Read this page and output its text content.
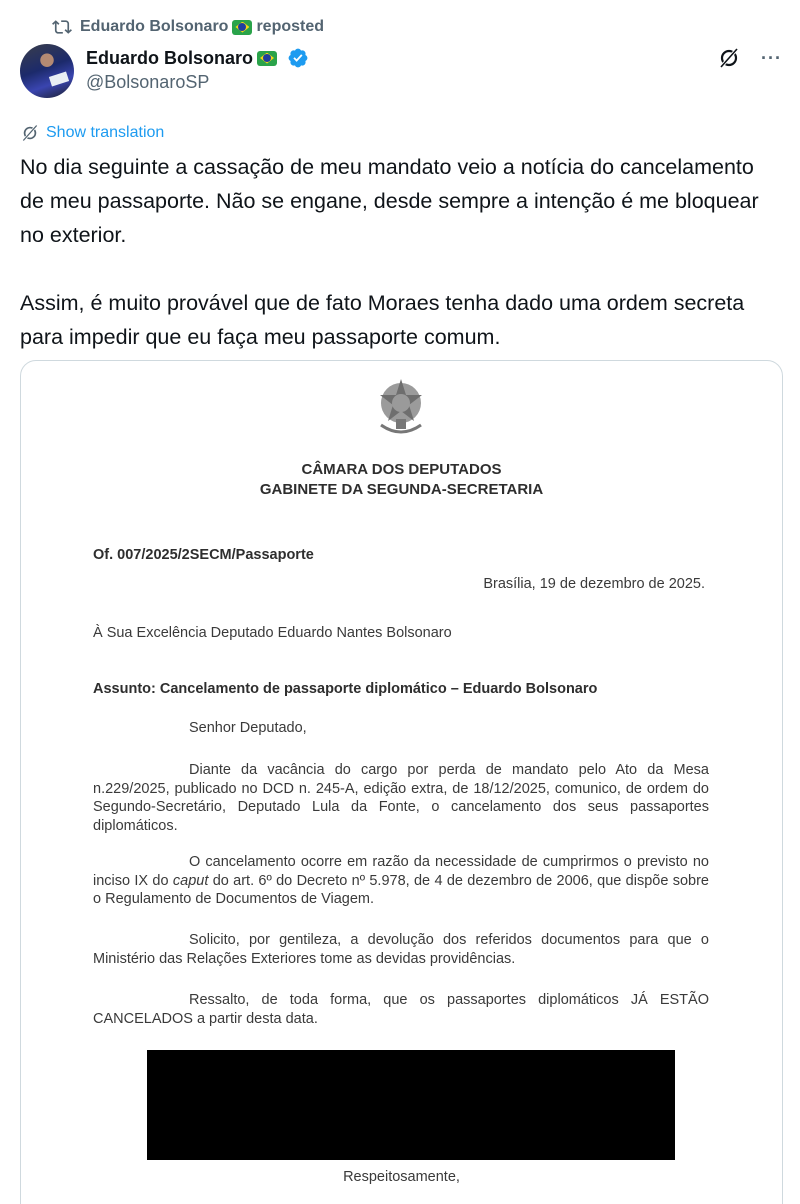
Eduardo Bolsonaro reposted
Eduardo Bolsonaro
@BolsonaroSP
···
Show translation
No dia seguinte a cassação de meu mandato veio a notícia do cancelamento de meu passaporte. Não se engane, desde sempre a intenção é me bloquear no exterior.

Assim, é muito provável que de fato Moraes tenha dado uma ordem secreta para impedir que eu faça meu passaporte comum.
CÂMARA DOS DEPUTADOS
GABINETE DA SEGUNDA-SECRETARIA
Of. 007/2025/2SECM/Passaporte
Brasília, 19 de dezembro de 2025.
À Sua Excelência Deputado Eduardo Nantes Bolsonaro
Assunto: Cancelamento de passaporte diplomático – Eduardo Bolsonaro
Senhor Deputado,
Diante da vacância do cargo por perda de mandato pelo Ato da Mesa n.229/2025, publicado no DCD n. 245-A, edição extra, de 18/12/2025, comunico, de ordem do Segundo-Secretário, Deputado Lula da Fonte, o cancelamento dos seus passaportes diplomáticos.
O cancelamento ocorre em razão da necessidade de cumprirmos o previsto no inciso IX do caput do art. 6º do Decreto nº 5.978, de 4 de dezembro de 2006, que dispõe sobre o Regulamento de Documentos de Viagem.
Solicito, por gentileza, a devolução dos referidos documentos para que o Ministério das Relações Exteriores tome as devidas providências.
Ressalto, de toda forma, que os passaportes diplomáticos JÁ ESTÃO CANCELADOS a partir desta data.
Respeitosamente,
